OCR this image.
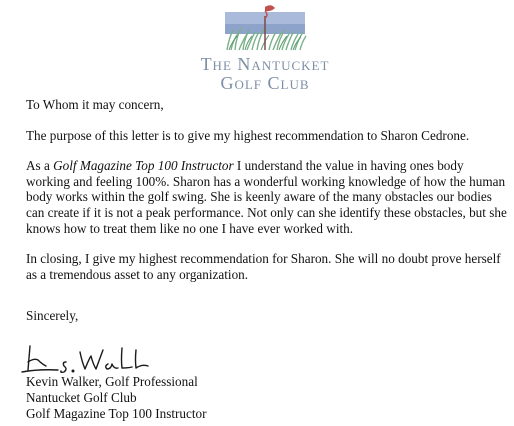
The Nantucket
Golf Club

To Whom it may concern,

The purpose of this letter is to give my highest recommendation to Sharon Cedrone.

As a Golf Magazine Top 100 Instructor I understand the value in having ones body working and feeling 100%. Sharon has a wonderful working knowledge of how the human body works within the golf swing. She is keenly aware of the many obstacles our bodies can create if it is not a peak performance. Not only can she identify these obstacles, but she knows how to treat them like no one I have ever worked with.

In closing, I give my highest recommendation for Sharon. She will no doubt prove herself as a tremendous asset to any organization.

Sincerely,

Kevin Walker, Golf Professional
Nantucket Golf Club
Golf Magazine Top 100 Instructor
